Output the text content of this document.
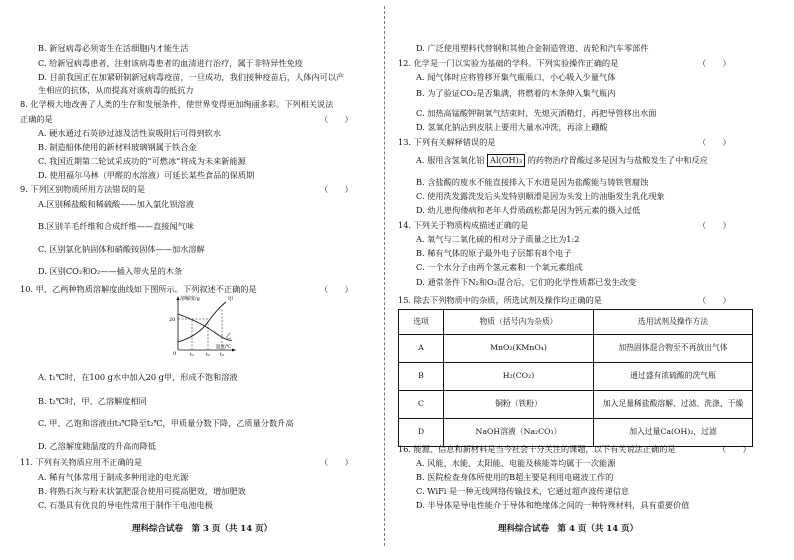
B. 新冠病毒必须寄生在活细胞内才能生活
C. 给新冠病毒患者，注射该病毒患者的血清进行治疗，属于非特异性免疫
D. 目前我国正在加紧研制新冠病毒疫苗，一旦成功，我们接种疫苗后，人体内可以产
生相应的抗体，从而提高对该病毒的抵抗力
8. 化学极大地改善了人类的生存和发展条件，使世界变得更加绚丽多彩。下列相关说法
正确的是	（　　）
A. 硬水通过石英砂过滤及活性炭吸附后可得到软水
B. 制造船体使用的新材料玻璃钢属于铁合金
C. 我国近期第二轮试采成功的“可燃冰”将成为未来新能源
D. 使用福尔马林（甲醛的水溶液）可延长某些食品的保质期
9. 下列区别物质所用方法错误的是	（　　）
A.区别稀盐酸和稀硫酸——加入氯化钡溶液
B.区别羊毛纤维和合成纤维——直接闻气味
C. 区别氯化钠固体和硝酸铵固体——加水溶解
D. 区别CO₂和O₂——插入带火星的木条
10. 甲、乙两种物质溶解度曲线如下图所示。下列叙述不正确的是	（　　）
溶解度/g	甲
乙
20
0	t₁ t₂ t₃
温度/℃
A. t₁℃时，在100 g水中加入20 g甲，形成不饱和溶液
B. t₂℃时，甲、乙溶解度相同
C. 甲、乙饱和溶液由t₃℃降至t₂℃，甲质量分数下降，乙质量分数升高
D. 乙溶解度随温度的升高而降低
11. 下列有关物质应用不正确的是	（　　）
A. 稀有气体常用于制成多种用途的电光源
B. 将熟石灰与粉末状氯肥混合使用可提高肥效，增加肥效
C. 石墨具有优良的导电性常用于制作干电池电极
理科综合试卷　第 3 页（共 14 页）
D. 广泛使用塑料代替钢和其他合金制造管道、齿轮和汽车零部件
12. 化学是一门以实验为基础的学科。下列实验操作正确的是	（　　）
A. 闻气体时应将管移开集气瓶瓶口，小心吸入少量气体
B. 为了验证CO₂是否集满，将燃着的木条伸入集气瓶内
C. 加热高锰酸钾制氧气结束时，先熄灭酒精灯，再把导管移出水面
D. 氢氧化钠沾到皮肤上要用大量水冲洗，再涂上硼酸
13. 下列有关解释错误的是	（　　）
A. 服用含氢氧化铝 Al(OH)₃ 的药物治疗胃酸过多是因为与盐酸发生了中和反应
B. 含盐酸的废水不能直接排入下水道是因为盐酸能与铸铁管腐蚀
C. 使用洗发露洗发后头发特别顺滑是因为头发上的油脂发生乳化现象
D. 幼儿患佝偻病和老年人骨质疏松都是因为钙元素的摄入过低
14. 下列关于物质构成描述正确的是	（　　）
A. 氧气与二氧化硫的相对分子质量之比为1:2
B. 稀有气体的原子最外电子层都有8个电子
C. 一个水分子由两个氢元素和一个氧元素组成
D. 通常条件下N₂和O₂混合后，它们的化学性质都已发生改变
15. 除去下列物质中的杂质，所选试剂及操作均正确的是	（　　）
选项	物质（括号内为杂质）	选用试剂及操作方法
A	MnO₂(KMnO₄)	加热固体混合物至不再放出气体
B	H₂(CO₂)	通过盛有浓硫酸的洗气瓶
C	铜粉（铁粉）	加入足量稀盐酸溶解、过滤、洗涤、干燥
D	NaOH溶液（Na₂CO₃）	加入过量Ca(OH)₂，过滤
16. 能源、信息和新材料是当今社会十分关注的课题，以下有关说法正确的是	（　　）
A. 风能、水能、太阳能、电能及核能等均属于一次能源
B. 医院检查身体所使用的B超主要是利用电磁波工作的
C. WiFi 是一种无线网络传输技术，它通过超声波传递信息
D. 半导体是导电性能介于导体和绝缘体之间的一种特殊材料，具有重要价值
理科综合试卷　第 4 页（共 14 页）
